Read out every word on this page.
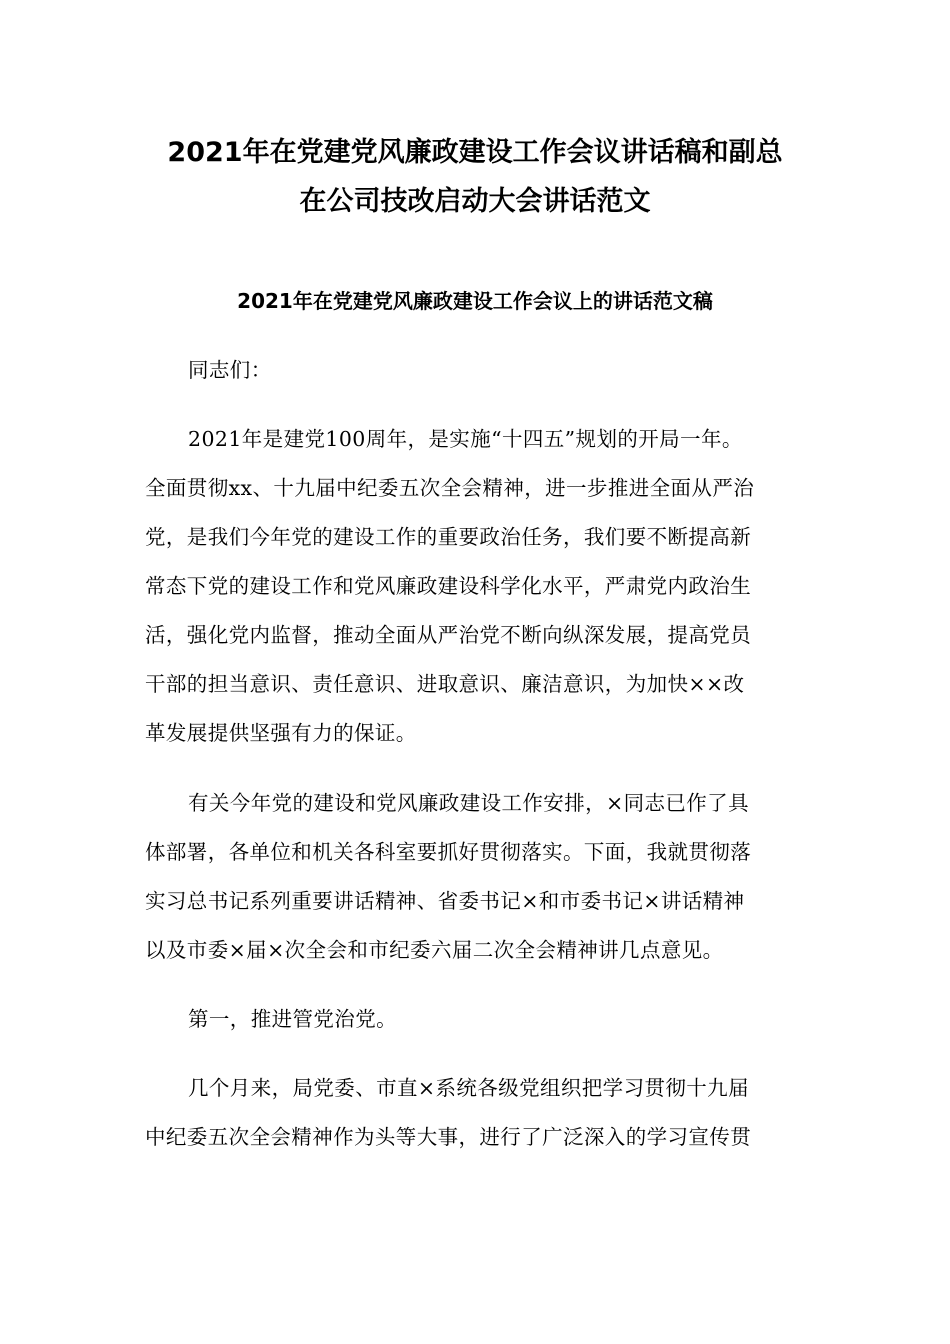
2021年在党建党风廉政建设工作会议讲话稿和副总
在公司技改启动大会讲话范文
2021年在党建党风廉政建设工作会议上的讲话范文稿

同志们：

2021年是建党100周年，是实施“十四五”规划的开局一年。

全面贯彻xx、十九届中纪委五次全会精神，进一步推进全面从严治

党，是我们今年党的建设工作的重要政治任务，我们要不断提高新

常态下党的建设工作和党风廉政建设科学化水平，严肃党内政治生

活，强化党内监督，推动全面从严治党不断向纵深发展，提高党员

干部的担当意识、责任意识、进取意识、廉洁意识，为加快××改

革发展提供坚强有力的保证。

有关今年党的建设和党风廉政建设工作安排，×同志已作了具

体部署，各单位和机关各科室要抓好贯彻落实。下面，我就贯彻落

实习总书记系列重要讲话精神、省委书记×和市委书记×讲话精神

以及市委×届×次全会和市纪委六届二次全会精神讲几点意见。

第一，推进管党治党。

几个月来，局党委、市直×系统各级党组织把学习贯彻十九届

中纪委五次全会精神作为头等大事，进行了广泛深入的学习宣传贯
